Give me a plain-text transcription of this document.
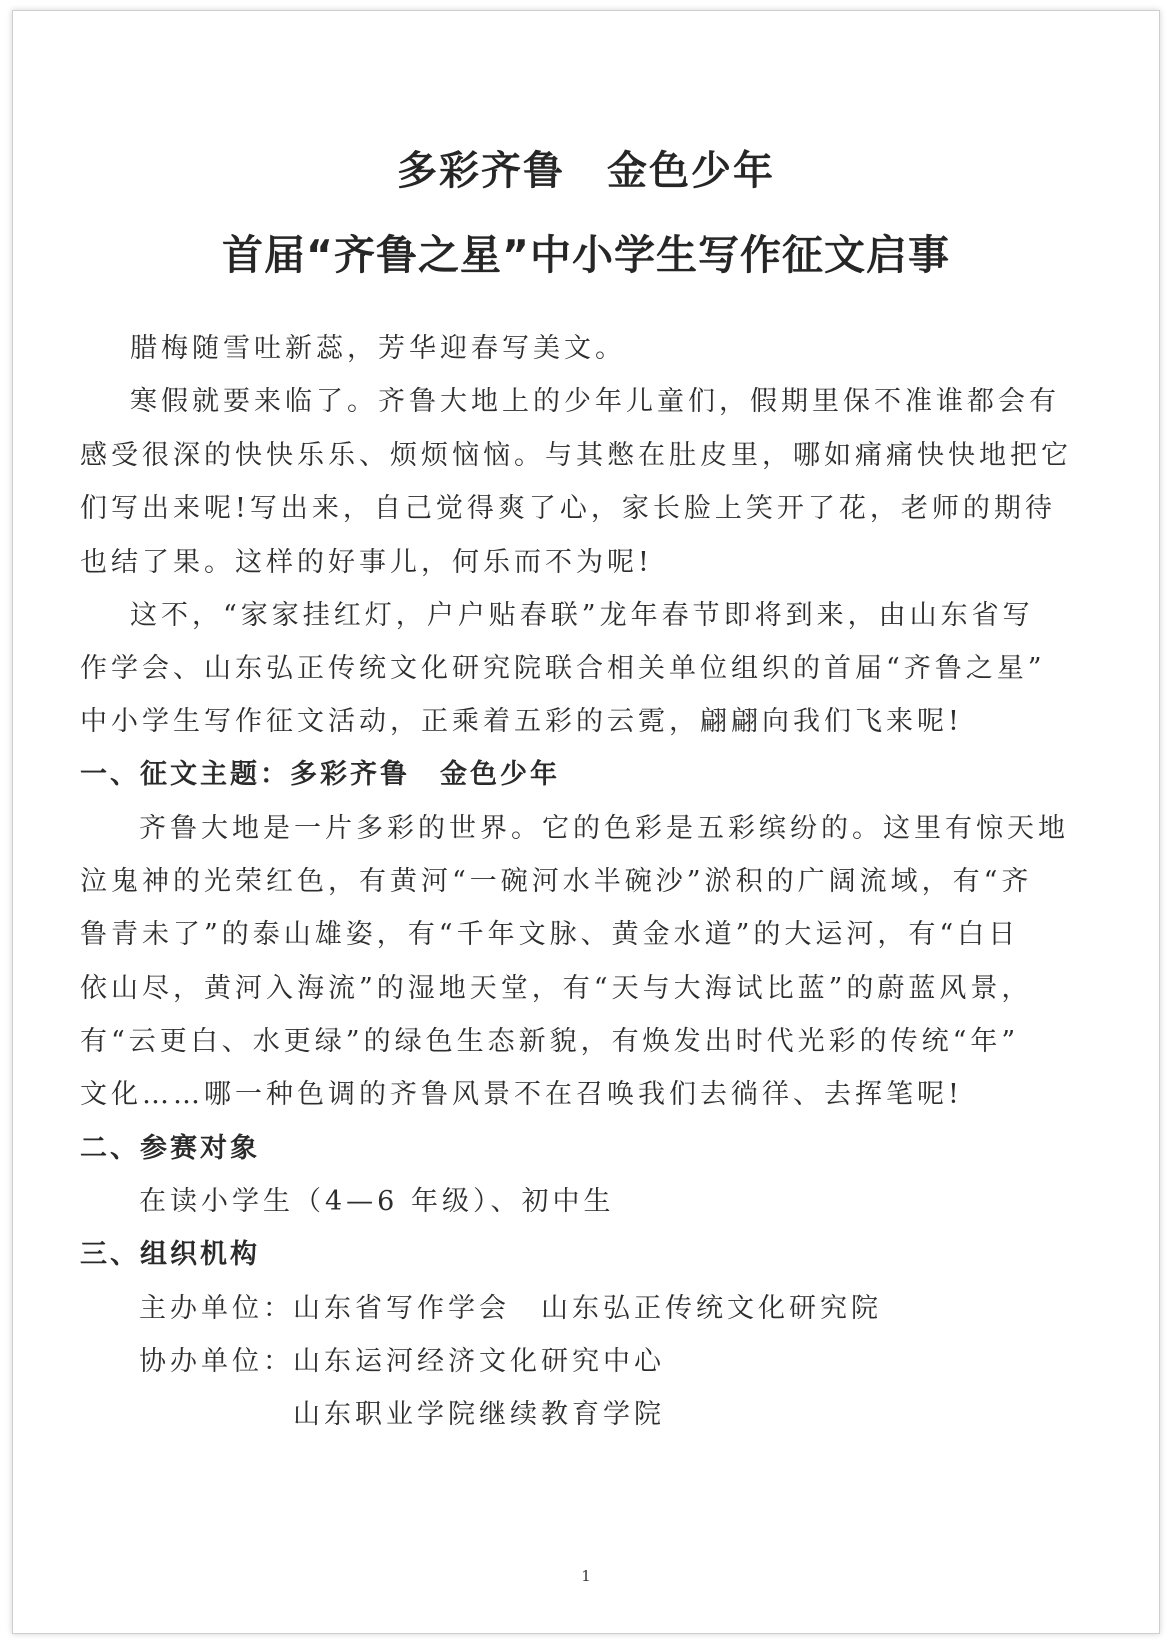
多彩齐鲁　金色少年
首届“齐鲁之星”中小学生写作征文启事

腊梅随雪吐新蕊，芳华迎春写美文。

寒假就要来临了。齐鲁大地上的少年儿童们，假期里保不准谁都会有

感受很深的快快乐乐、烦烦恼恼。与其憋在肚皮里，哪如痛痛快快地把它

们写出来呢!写出来，自己觉得爽了心，家长脸上笑开了花，老师的期待

也结了果。这样的好事儿，何乐而不为呢!

这不，“家家挂红灯，户户贴春联”龙年春节即将到来，由山东省写

作学会、山东弘正传统文化研究院联合相关单位组织的首届“齐鲁之星”

中小学生写作征文活动，正乘着五彩的云霓，翩翩向我们飞来呢!

一、征文主题：多彩齐鲁　金色少年

齐鲁大地是一片多彩的世界。它的色彩是五彩缤纷的。这里有惊天地

泣鬼神的光荣红色，有黄河“一碗河水半碗沙”淤积的广阔流域，有“齐

鲁青未了”的泰山雄姿，有“千年文脉、黄金水道”的大运河，有“白日

依山尽，黄河入海流”的湿地天堂，有“天与大海试比蓝”的蔚蓝风景，

有“云更白、水更绿”的绿色生态新貌，有焕发出时代光彩的传统“年”

文化……哪一种色调的齐鲁风景不在召唤我们去徜徉、去挥笔呢!

二、参赛对象

在读小学生（4—6 年级）、初中生

三、组织机构

主办单位： 山东省写作学会　山东弘正传统文化研究院

协办单位： 山东运河经济文化研究中心

山东职业学院继续教育学院

1
